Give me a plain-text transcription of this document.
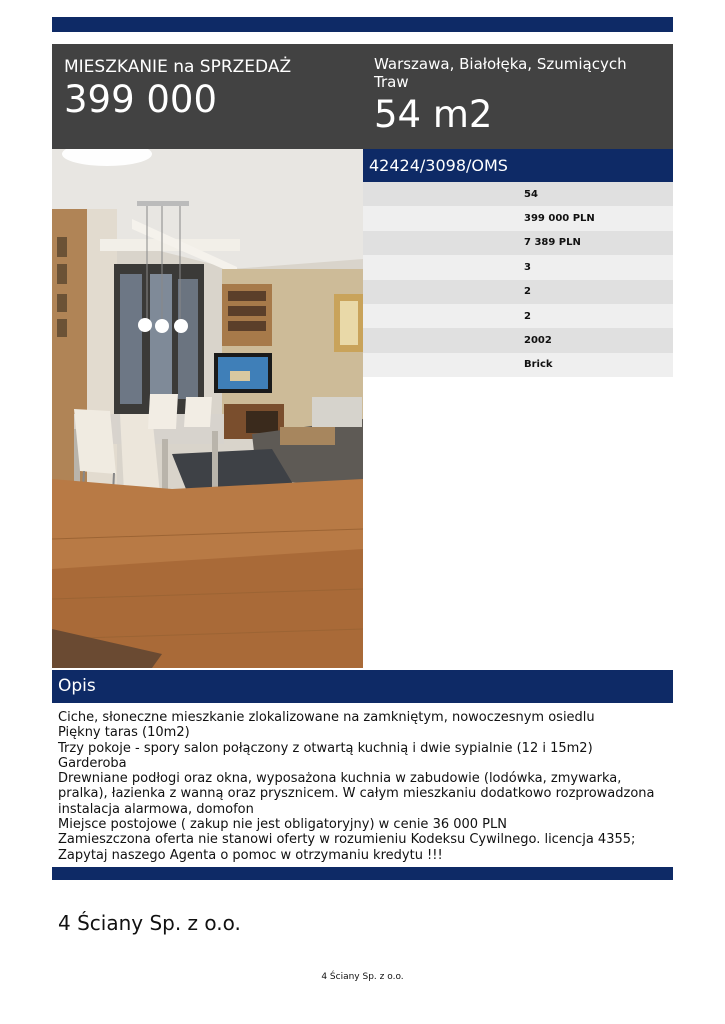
MIESZKANIE na SPRZEDAŻ
399 000
Warszawa, Białołęka, Szumiących Traw
54 m2
42424/3098/OMS
54
399 000 PLN
7 389 PLN
3
2
2
2002
Brick
Opis
Ciche, słoneczne mieszkanie zlokalizowane na zamkniętym, nowoczesnym osiedlu
Piękny taras (10m2)
Trzy pokoje - spory salon połączony z otwartą kuchnią i dwie sypialnie (12 i 15m2)
Garderoba
Drewniane podłogi oraz okna, wyposażona kuchnia w zabudowie (lodówka, zmywarka, pralka), łazienka z wanną oraz prysznicem. W całym mieszkaniu dodatkowo rozprowadzona instalacja alarmowa, domofon
Miejsce postojowe ( zakup nie jest obligatoryjny) w cenie 36 000 PLN
Zamieszczona oferta nie stanowi oferty w rozumieniu Kodeksu Cywilnego. licencja 4355;
Zapytaj naszego Agenta o pomoc w otrzymaniu kredytu !!!
4 Ściany Sp. z o.o.
4 Ściany Sp. z o.o.
